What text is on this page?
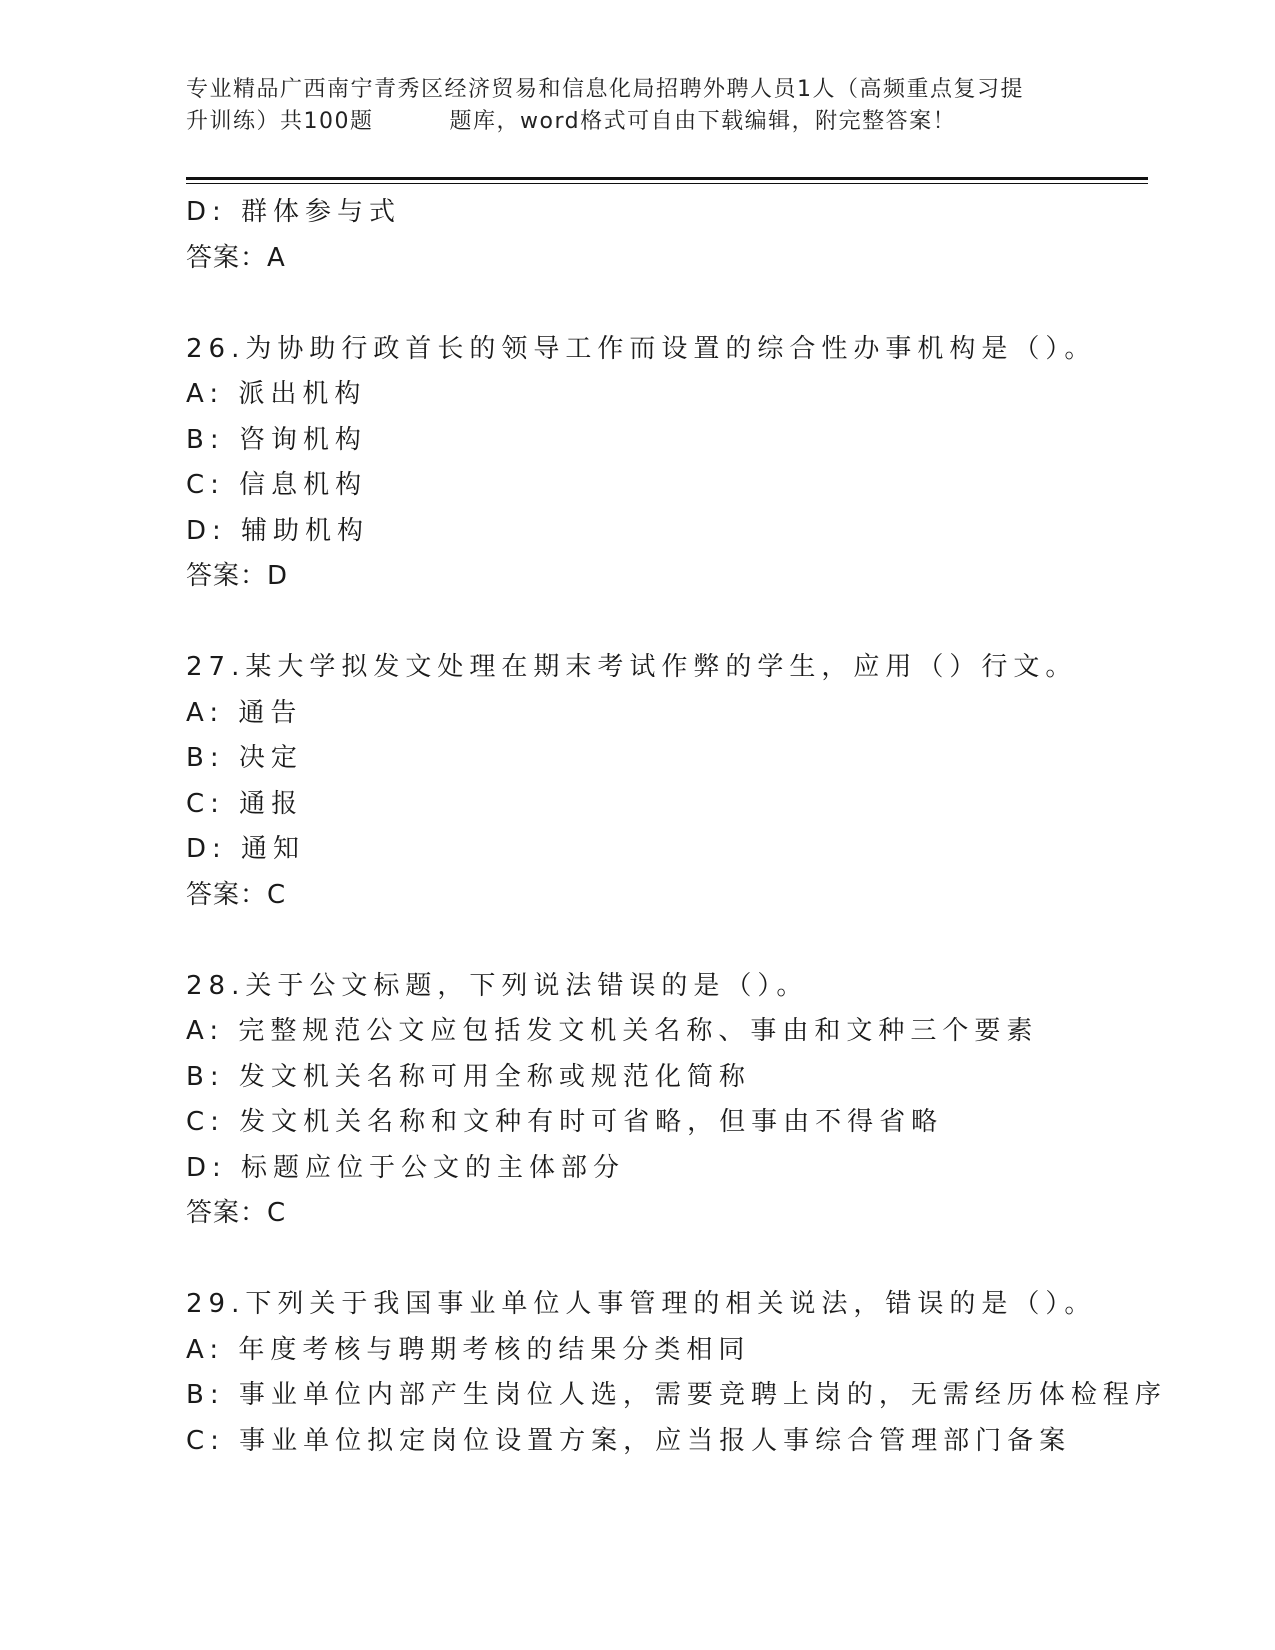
专业精品广西南宁青秀区经济贸易和信息化局招聘外聘人员1人（高频重点复习提
升训练）共100题	题库，word格式可自由下载编辑，附完整答案！
D: 群体参与式
答案：A
26.为协助行政首长的领导工作而设置的综合性办事机构是（）。
A: 派出机构
B: 咨询机构
C: 信息机构
D: 辅助机构
答案：D
27.某大学拟发文处理在期末考试作弊的学生，应用（）行文。
A: 通告
B: 决定
C: 通报
D: 通知
答案：C
28.关于公文标题，下列说法错误的是（）。
A: 完整规范公文应包括发文机关名称、事由和文种三个要素
B: 发文机关名称可用全称或规范化简称
C: 发文机关名称和文种有时可省略，但事由不得省略
D: 标题应位于公文的主体部分
答案：C
29.下列关于我国事业单位人事管理的相关说法，错误的是（）。
A: 年度考核与聘期考核的结果分类相同
B: 事业单位内部产生岗位人选，需要竞聘上岗的，无需经历体检程序
C: 事业单位拟定岗位设置方案，应当报人事综合管理部门备案
